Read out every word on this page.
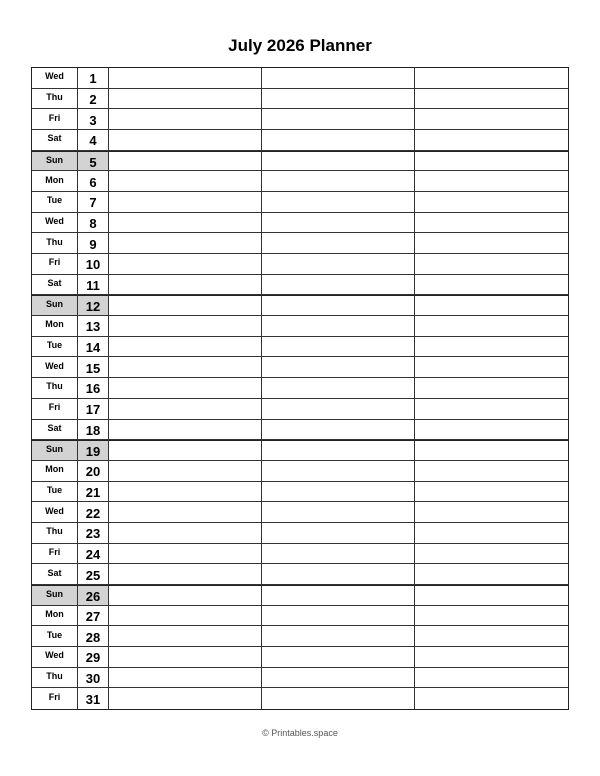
July 2026 Planner
Wed	1
Thu	2
Fri	3
Sat	4
Sun	5
Mon	6
Tue	7
Wed	8
Thu	9
Fri	10
Sat	11
Sun	12
Mon	13
Tue	14
Wed	15
Thu	16
Fri	17
Sat	18
Sun	19
Mon	20
Tue	21
Wed	22
Thu	23
Fri	24
Sat	25
Sun	26
Mon	27
Tue	28
Wed	29
Thu	30
Fri	31
© Printables.space
